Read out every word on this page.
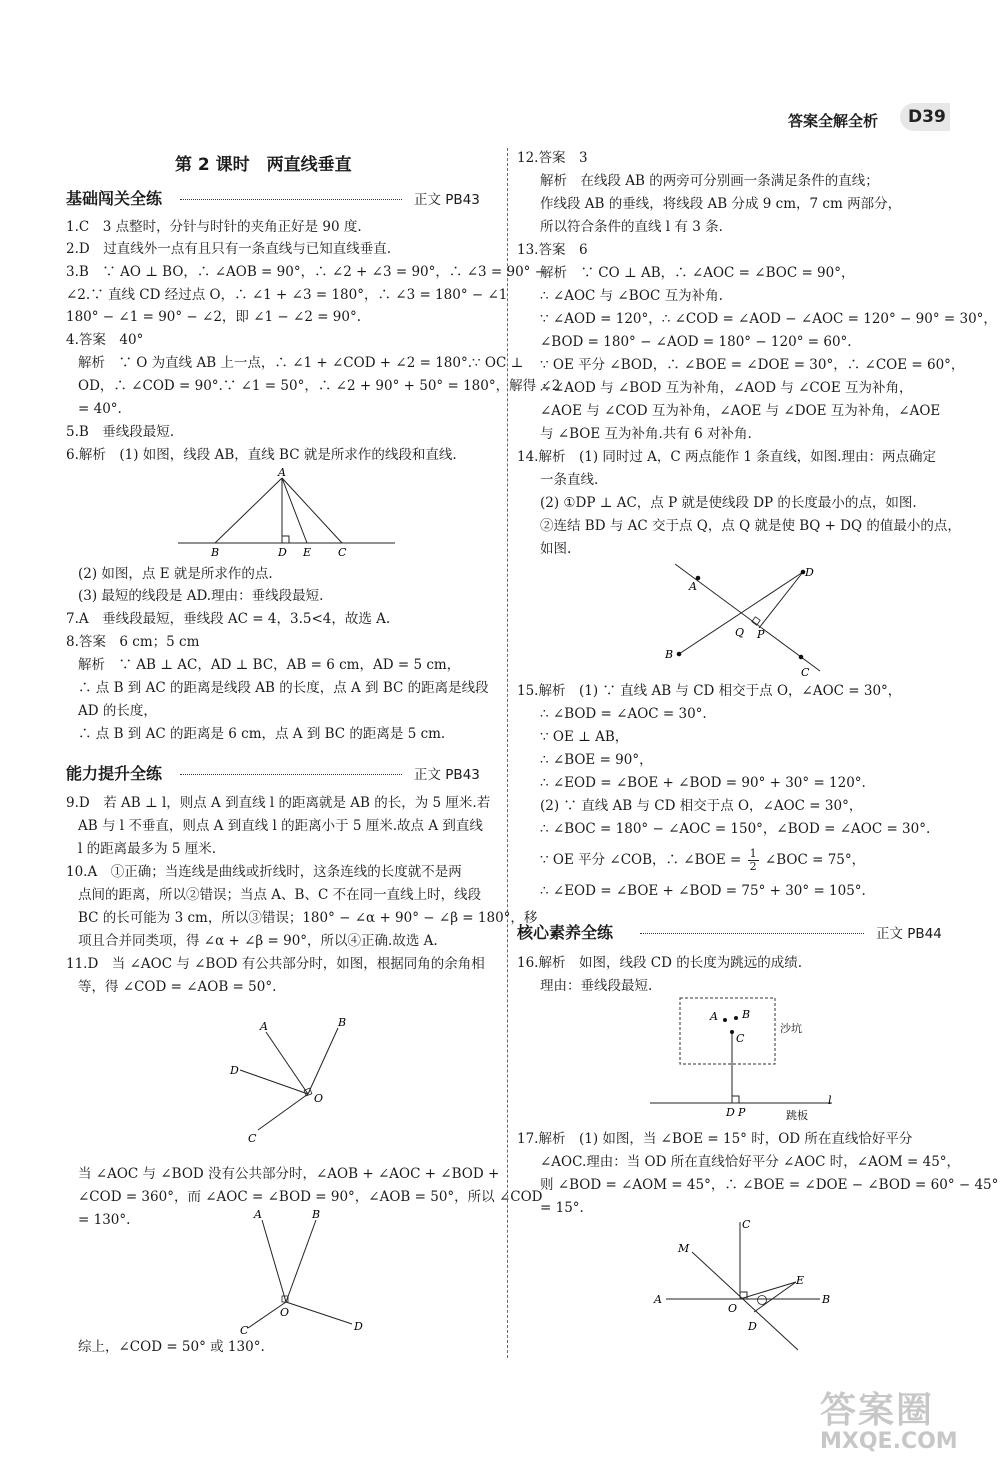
答案全解全析 D39
第 2 课时　两直线垂直
基础闯关全练	正文 PB43
1.C　3 点整时，分针与时针的夹角正好是 90 度.
2.D　过直线外一点有且只有一条直线与已知直线垂直.
3.B　∵ AO ⊥ BO，∴ ∠AOB = 90°，∴ ∠2 + ∠3 = 90°，∴ ∠3 = 90° −
∠2.∵ 直线 CD 经过点 O，∴ ∠1 + ∠3 = 180°，∴ ∠3 = 180° − ∠1
180° − ∠1 = 90° − ∠2，即 ∠1 − ∠2 = 90°.
4.答案　40°
解析　∵ O 为直线 AB 上一点，∴ ∠1 + ∠COD + ∠2 = 180°.∵ OC ⊥
OD，∴ ∠COD = 90°.∵ ∠1 = 50°，∴ ∠2 + 90° + 50° = 180°，解得 ∠2
= 40°.
5.B　垂线段最短.
6.解析　(1) 如图，线段 AB，直线 BC 就是所求作的线段和直线.
A
B	D E C
(2) 如图，点 E 就是所求作的点.
(3) 最短的线段是 AD.理由：垂线段最短.
7.A　垂线段最短，垂线段 AC = 4，3.5<4，故选 A.
8.答案　6 cm；5 cm
解析　∵ AB ⊥ AC，AD ⊥ BC，AB = 6 cm，AD = 5 cm，
∴ 点 B 到 AC 的距离是线段 AB 的长度，点 A 到 BC 的距离是线段
AD 的长度，
∴ 点 B 到 AC 的距离是 6 cm，点 A 到 BC 的距离是 5 cm.
能力提升全练	正文 PB43
9.D　若 AB ⊥ l，则点 A 到直线 l 的距离就是 AB 的长，为 5 厘米.若
AB 与 l 不垂直，则点 A 到直线 l 的距离小于 5 厘米.故点 A 到直线
l 的距离最多为 5 厘米.
10.A　①正确；当连线是曲线或折线时，这条连线的长度就不是两
点间的距离，所以②错误；当点 A、B、C 不在同一直线上时，线段
BC 的长可能为 3 cm，所以③错误；180° − ∠α + 90° − ∠β = 180°，移
项且合并同类项，得 ∠α + ∠β = 90°，所以④正确.故选 A.
11.D　当 ∠AOC 与 ∠BOD 有公共部分时，如图，根据同角的余角相
等，得 ∠COD = ∠AOB = 50°.
B
A
D
O
C
当 ∠AOC 与 ∠BOD 没有公共部分时，∠AOB + ∠AOC + ∠BOD +
∠COD = 360°，而 ∠AOC = ∠BOD = 90°，∠AOB = 50°，所以 ∠COD
= 130°.	A	B
O
C	D
综上，∠COD = 50° 或 130°.
12.答案　3
解析　在线段 AB 的两旁可分别画一条满足条件的直线；
作线段 AB 的垂线，将线段 AB 分成 9 cm，7 cm 两部分，
所以符合条件的直线 l 有 3 条.
13.答案　6
解析　∵ CO ⊥ AB，∴ ∠AOC = ∠BOC = 90°，
∴ ∠AOC 与 ∠BOC 互为补角.
∵ ∠AOD = 120°，∴ ∠COD = ∠AOD − ∠AOC = 120° − 90° = 30°，
∠BOD = 180° − ∠AOD = 180° − 120° = 60°.
∵ OE 平分 ∠BOD，∴ ∠BOE = ∠DOE = 30°，∴ ∠COE = 60°，
∴ ∠AOD 与 ∠BOD 互为补角，∠AOD 与 ∠COE 互为补角，
∠AOE 与 ∠COD 互为补角，∠AOE 与 ∠DOE 互为补角，∠AOE
与 ∠BOE 互为补角.共有 6 对补角.
14.解析　(1) 同时过 A，C 两点能作 1 条直线，如图.理由：两点确定
一条直线.
(2) ①DP ⊥ AC，点 P 就是使线段 DP 的长度最小的点，如图.
②连结 BD 与 AC 交于点 Q，点 Q 就是使 BQ + DQ 的值最小的点，
如图.
A
B
C
D
Q P
15.解析　(1) ∵ 直线 AB 与 CD 相交于点 O，∠AOC = 30°，
∴ ∠BOD = ∠AOC = 30°.
∵ OE ⊥ AB，
∴ ∠BOE = 90°，
∴ ∠EOD = ∠BOE + ∠BOD = 90° + 30° = 120°.
(2) ∵ 直线 AB 与 CD 相交于点 O，∠AOC = 30°，
∴ ∠BOC = 180° − ∠AOC = 150°，∠BOD = ∠AOC = 30°.
∵ OE 平分 ∠COB，∴ ∠BOE = $\frac{1}{2}$ ∠BOC = 75°，
∴ ∠EOD = ∠BOE + ∠BOD = 75° + 30° = 105°.
核心素养全练	正文 PB44
16.解析　如图，线段 CD 的长度为跳远的成绩.
理由：垂线段最短.
A B
C
D P
l
沙坑
跳板
17.解析　(1) 如图，当 ∠BOE = 15° 时，OD 所在直线恰好平分
∠AOC.理由：当 OD 所在直线恰好平分 ∠AOC 时，∠AOM = 45°，
则 ∠BOD = ∠AOM = 45°，∴ ∠BOE = ∠DOE − ∠BOD = 60° − 45°
= 15°.
C
M
A	B
E
O
D
答案圈
MXQE.COM
